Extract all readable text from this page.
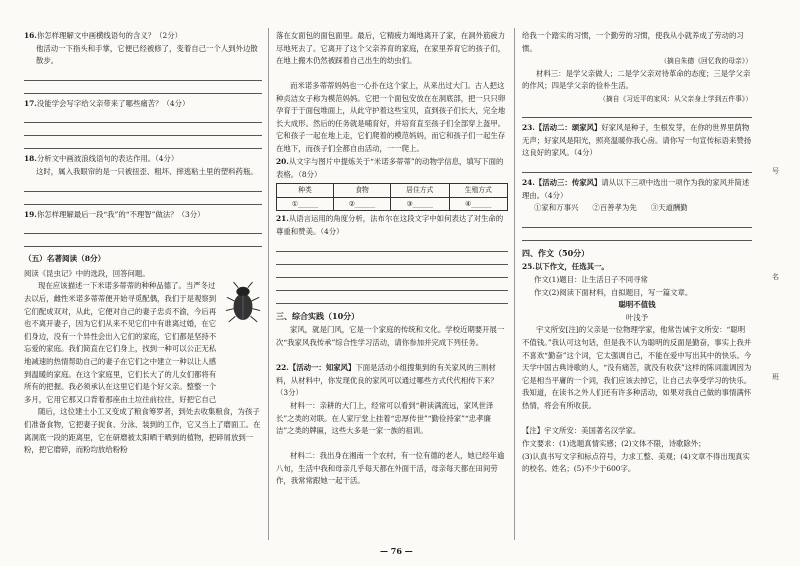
16.你怎样理解文中画横线语句的含义？（2分）

他活动一下指头和手掌，它便已经被修了，变着自己一个人到外边散散步。

17.没能学会写字给父亲带来了哪些痛苦？（4分）

18.分析文中画波浪线语句的表达作用。（4分）

这时，属入我眼帘的是一只被扭歪、粗坏、摔逃粘土里的塑料药瓶。

19.你怎样理解最后一段“我”的“不理智”做法？（3分）

（五）名著阅读（8分）

阅读《昆虫记》中的选段，回答问题。

现在应该描述一下米诺多蒂蒂的种种品德了。当严冬过去以后，雌性米诺多蒂蒂便开始寻觅配偶，我们于是观察到它们配成双对，从此，它便对自己的妻子忠贞不渝，今后再也不离开妻子，因为它们从来不见它们中有谁离过婚，在它们身边，没有一个异性会出入它们的家庭，它们都是坚持不忘爱的家庭。我们简直在它们身上，找到一种可以公正无私地减速的热情帮助自己的妻子在它们之中建立一种以让人感到温暖的家庭。在这个家庭里，它们长大了的儿女们都将有所有的把握。我必须承认在这里它们是个好父亲。整整一个多月，它用它那又口背着那座由土垃往前拉往，好把它自己

随后，这位建土小工又变成了粮食筹罗者，到处去收集粮食，为孩子们准备食物，它把妻子捉食、分泳、装到的工作，它又当上了磨面工。在离洞底一段的距离里，它在研磨被太阳晒干晒到的植物，把碎屑放到一粉，把它磨碎，而粉均放给粉粉

落在女面包的面包面里。最后，它精疲力竭地离开了家，在洞外筋疲力尽地死去了。它离开了这个父亲养育的家庭，在家里养育它的孩子们，在地上搬木仍然被踩着自己出生的幼虫们。

而米诺多蒂蒂妈妈也一心扑在这个家上，从来出过大门。古人把这种贞洁女子称为模范妈妈。它把一个面包安放在在洞底部，把一只只卵孕育于于面包堆面上，从此守护着这些宝贝，直到孩子们长大，完全地长大成形。然后的任务就是哺育好，并培育直至孩子们全部穿上盔甲。它和孩子一起在地上走，它们爬着的模范妈妈，而它和孩子们一起生存在地下，而孩子们全都自由活动，一一爬上。

20.从文字与图片中提炼关于“米诺多蒂蒂”的动物学信息，填写下面的表格。（8分）

种类	食物	居住方式	生殖方式
①______	②______	③______	④______

21.从语言运用的角度分析，法布尔在这段文字中如何表达了对生命的尊重和赞美。（4分）

三、综合实践（10分）

家风，就是门风，它是一个家庭的传统和文化。学校近期要开展一次“我家风我传承”综合性学习活动，请你参加并完成下列任务。

22.【活动一：知家风】下面是活动小组搜集到的有关家风的三则材料，从材料中，你发现优良的家风可以通过哪些方式代代相传下来？（3分）

材料一：亲耕的大门上，经常可以看到“耕读满流远，家风世泽长”之类的对联。在人家厅堂上挂着“忠厚传世”“勤俭持家”“忠孝廉洁”之类的牌匾，这些大多是一家一族的祖训。

材料二：我出身在湘南一个农村，有一位有德的老人，她已经年逾八旬，生活中我和母亲几乎每天都在外面干活，母亲每天都在田间劳作，我常常跟她一起干活。

给我一个踏实的习惯，一个勤劳的习惯，使我从小就养成了劳动的习惯。

（摘自朱德《回忆我的母亲》）

材料三：是学父亲做人；二是学父亲对待革命的态度；三是学父亲的作风；四是学父亲的俭朴生活。

（摘自《习近平的家风：从父亲身上学到五件事》）

23.【活动二：颂家风】好家风是种子，生根发芽，在你的世界里荫物无声；好家风是阳光，照亮温暖你我心房。请你写一句宣传标语来赞扬这良好的家风。（4分）

24.【活动三：传家风】请从以下三项中选出一项作为我的家风并简述理由。（4分）

①家和万事兴 ②百善孝为先 ③天道酬勤

四、作文（50分）

25.以下作文，任选其一。

作文(1)题目：让生活日子不同寻常

作文(2)阅读下面材料，自拟题目，写一篇文章。

聪明不值钱

叶浅予

宇文所安[注]的父亲是一位物理学家，他常告诫宇文所安：“聪明不值钱。”我认可这句话，但是我不认为聪明的反面是勤奋，事实上我并不喜欢“勤奋”这个词，它太强调自己，不能在爱中写出其中的快乐。今天学中国古典诗歌的人，“没有痛苦，就没有收获”这样的陈词滥调因为它是相当平庸的一个词，我们应该去掉它，让自己去享受学习的快乐。我知道，在读书之外人们还有许多种活动，如果对我自己做的事情满怀热情，将会有所收获。

【注】宇文所安：美国著名汉学家。

作文要求：(1)选题真情实感；(2)文体不限，诗歌除外；

(3)认真书写文字和标点符号，力求工整、美观；(4)文章不得出现真实的校名、姓名；(5)不少于600字。

号
名
班
— 76 —
